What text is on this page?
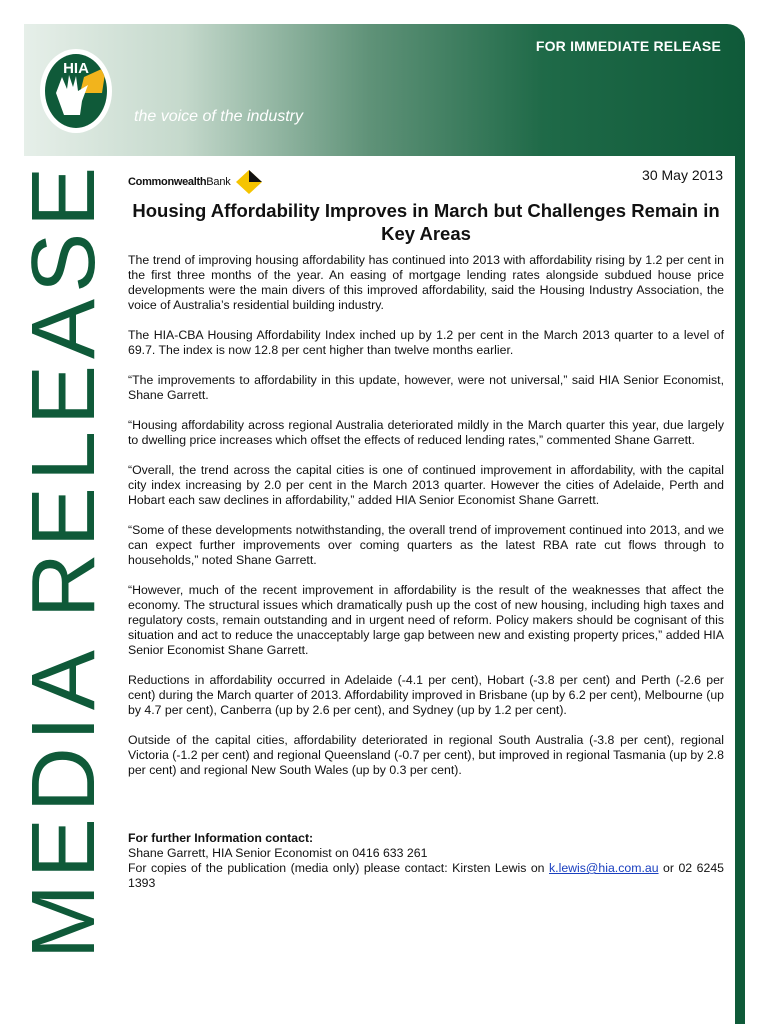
FOR IMMEDIATE RELEASE
HIA
the voice of the industry
MEDIA RELEASE Commonwealth Bank	30 May 2013
Housing Affordability Improves in March but Challenges Remain in Key Areas

The trend of improving housing affordability has continued into 2013 with affordability rising by 1.2 per cent in the first three months of the year. An easing of mortgage lending rates alongside subdued house price developments were the main divers of this improved affordability, said the Housing Industry Association, the voice of Australia’s residential building industry.

The HIA-CBA Housing Affordability Index inched up by 1.2 per cent in the March 2013 quarter to a level of 69.7. The index is now 12.8 per cent higher than twelve months earlier.

“The improvements to affordability in this update, however, were not universal,” said HIA Senior Economist, Shane Garrett.

“Housing affordability across regional Australia deteriorated mildly in the March quarter this year, due largely to dwelling price increases which offset the effects of reduced lending rates,” commented Shane Garrett.

“Overall, the trend across the capital cities is one of continued improvement in affordability, with the capital city index increasing by 2.0 per cent in the March 2013 quarter. However the cities of Adelaide, Perth and Hobart each saw declines in affordability,” added HIA Senior Economist Shane Garrett.

“Some of these developments notwithstanding, the overall trend of improvement continued into 2013, and we can expect further improvements over coming quarters as the latest RBA rate cut flows through to households,” noted Shane Garrett.

“However, much of the recent improvement in affordability is the result of the weaknesses that affect the economy. The structural issues which dramatically push up the cost of new housing, including high taxes and regulatory costs, remain outstanding and in urgent need of reform. Policy makers should be cognisant of this situation and act to reduce the unacceptably large gap between new and existing property prices,” added HIA Senior Economist Shane Garrett.

Reductions in affordability occurred in Adelaide (-4.1 per cent), Hobart (-3.8 per cent) and Perth (-2.6 per cent) during the March quarter of 2013. Affordability improved in Brisbane (up by 6.2 per cent), Melbourne (up by 4.7 per cent), Canberra (up by 2.6 per cent), and Sydney (up by 1.2 per cent).

Outside of the capital cities, affordability deteriorated in regional South Australia (-3.8 per cent), regional Victoria (-1.2 per cent) and regional Queensland (-0.7 per cent), but improved in regional Tasmania (up by 2.8 per cent) and regional New South Wales (up by 0.3 per cent).

For further Information contact:
Shane Garrett, HIA Senior Economist on 0416 633 261
For copies of the publication (media only) please contact: Kirsten Lewis on k.lewis@hia.com.au or 02 6245 1393
